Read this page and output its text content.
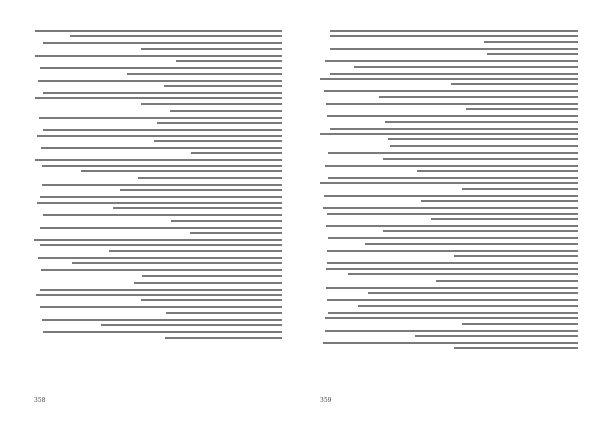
358	359
